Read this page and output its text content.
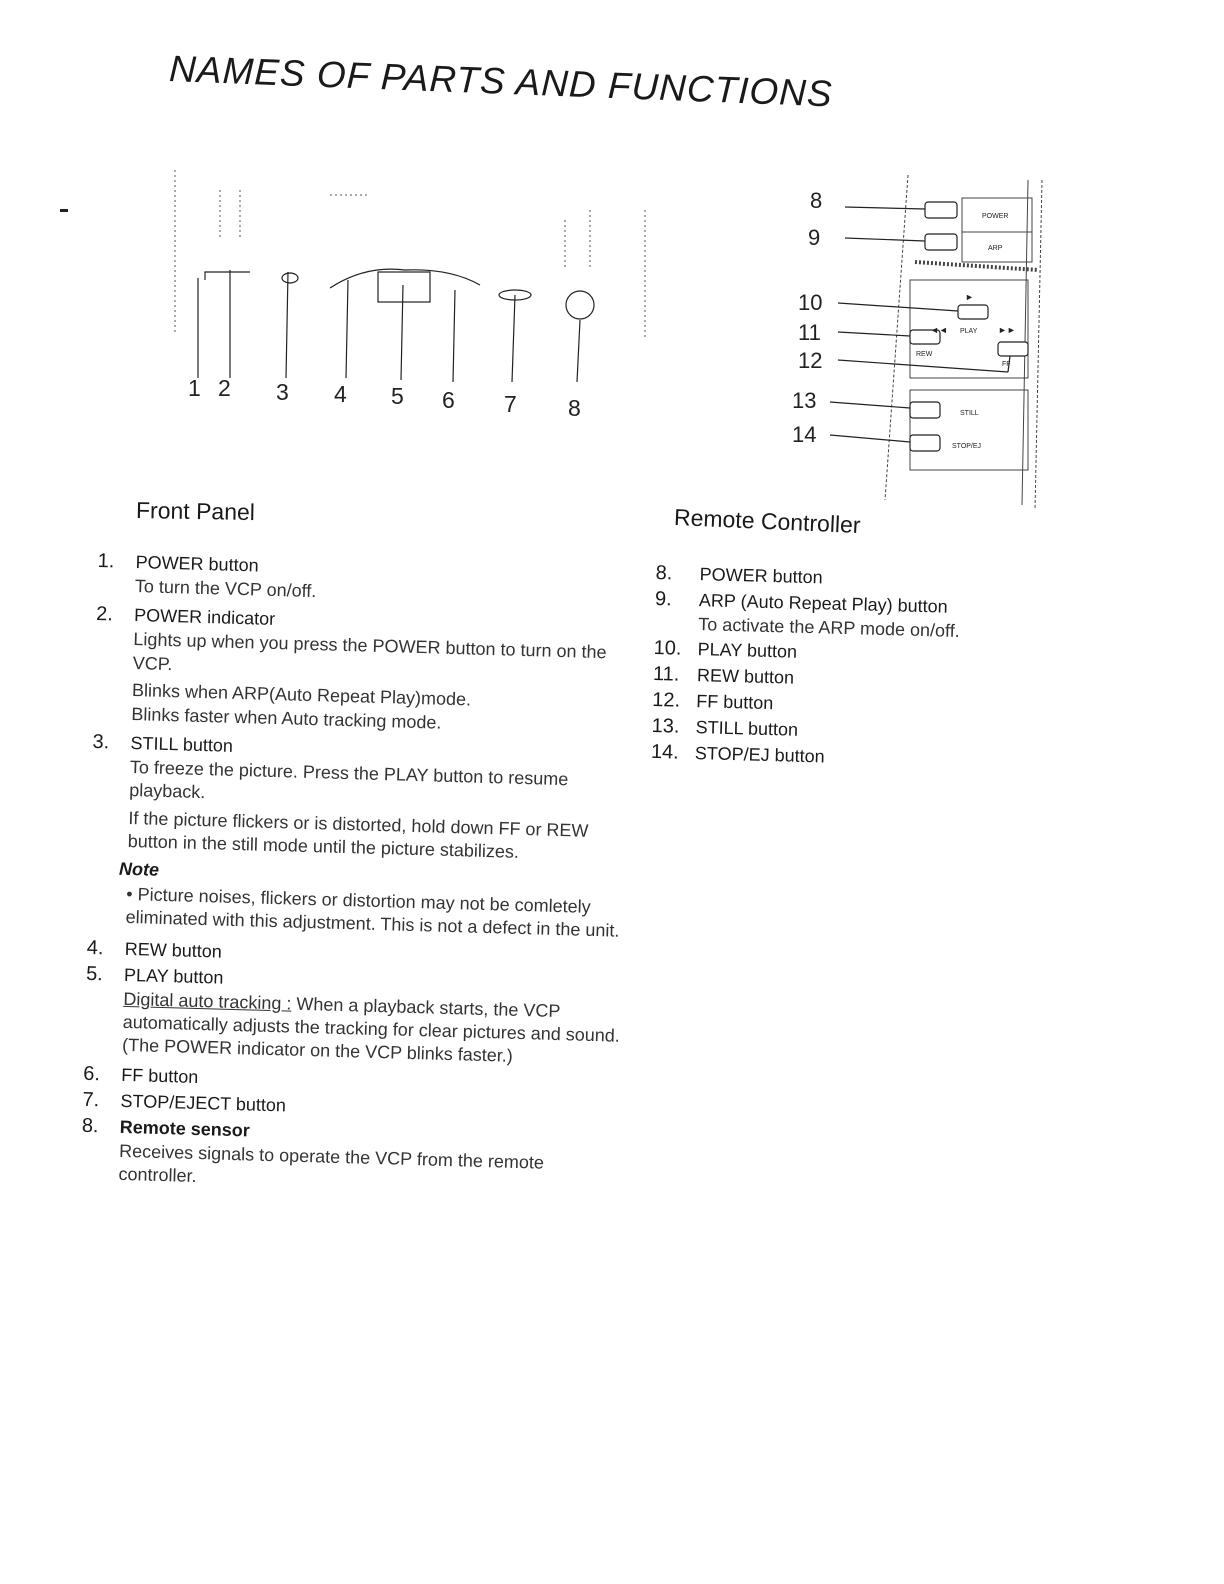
NAMES OF PARTS AND FUNCTIONS
1 2 3 4 5 6 7 8
8
9
10
11
12
13
14
POWER
ARP
PLAY
REW
FF
STILL
STOP/EJ
►
◄◄	►►
Front Panel	Remote Controller
1. POWER button
To turn the VCP on/off.
2. POWER indicator
Lights up when you press the POWER button to turn on the VCP.
Blinks when ARP(Auto Repeat Play)mode.
Blinks faster when Auto tracking mode.
3. STILL button
To freeze the picture. Press the PLAY button to resume playback.
If the picture flickers or is distorted, hold down FF or REW button in the still mode until the picture stabilizes.
Note
• Picture noises, flickers or distortion may not be comletely eliminated with this adjustment. This is not a defect in the unit.
4. REW button
5. PLAY button
Digital auto tracking : When a playback starts, the VCP automatically adjusts the tracking for clear pictures and sound.(The POWER indicator on the VCP blinks faster.)
6. FF button
7. STOP/EJECT button
8. Remote sensor
Receives signals to operate the VCP from the remote controller.
8. POWER button
9. ARP (Auto Repeat Play) button
To activate the ARP mode on/off.
10. PLAY button
11. REW button
12. FF button
13. STILL button
14. STOP/EJ button
